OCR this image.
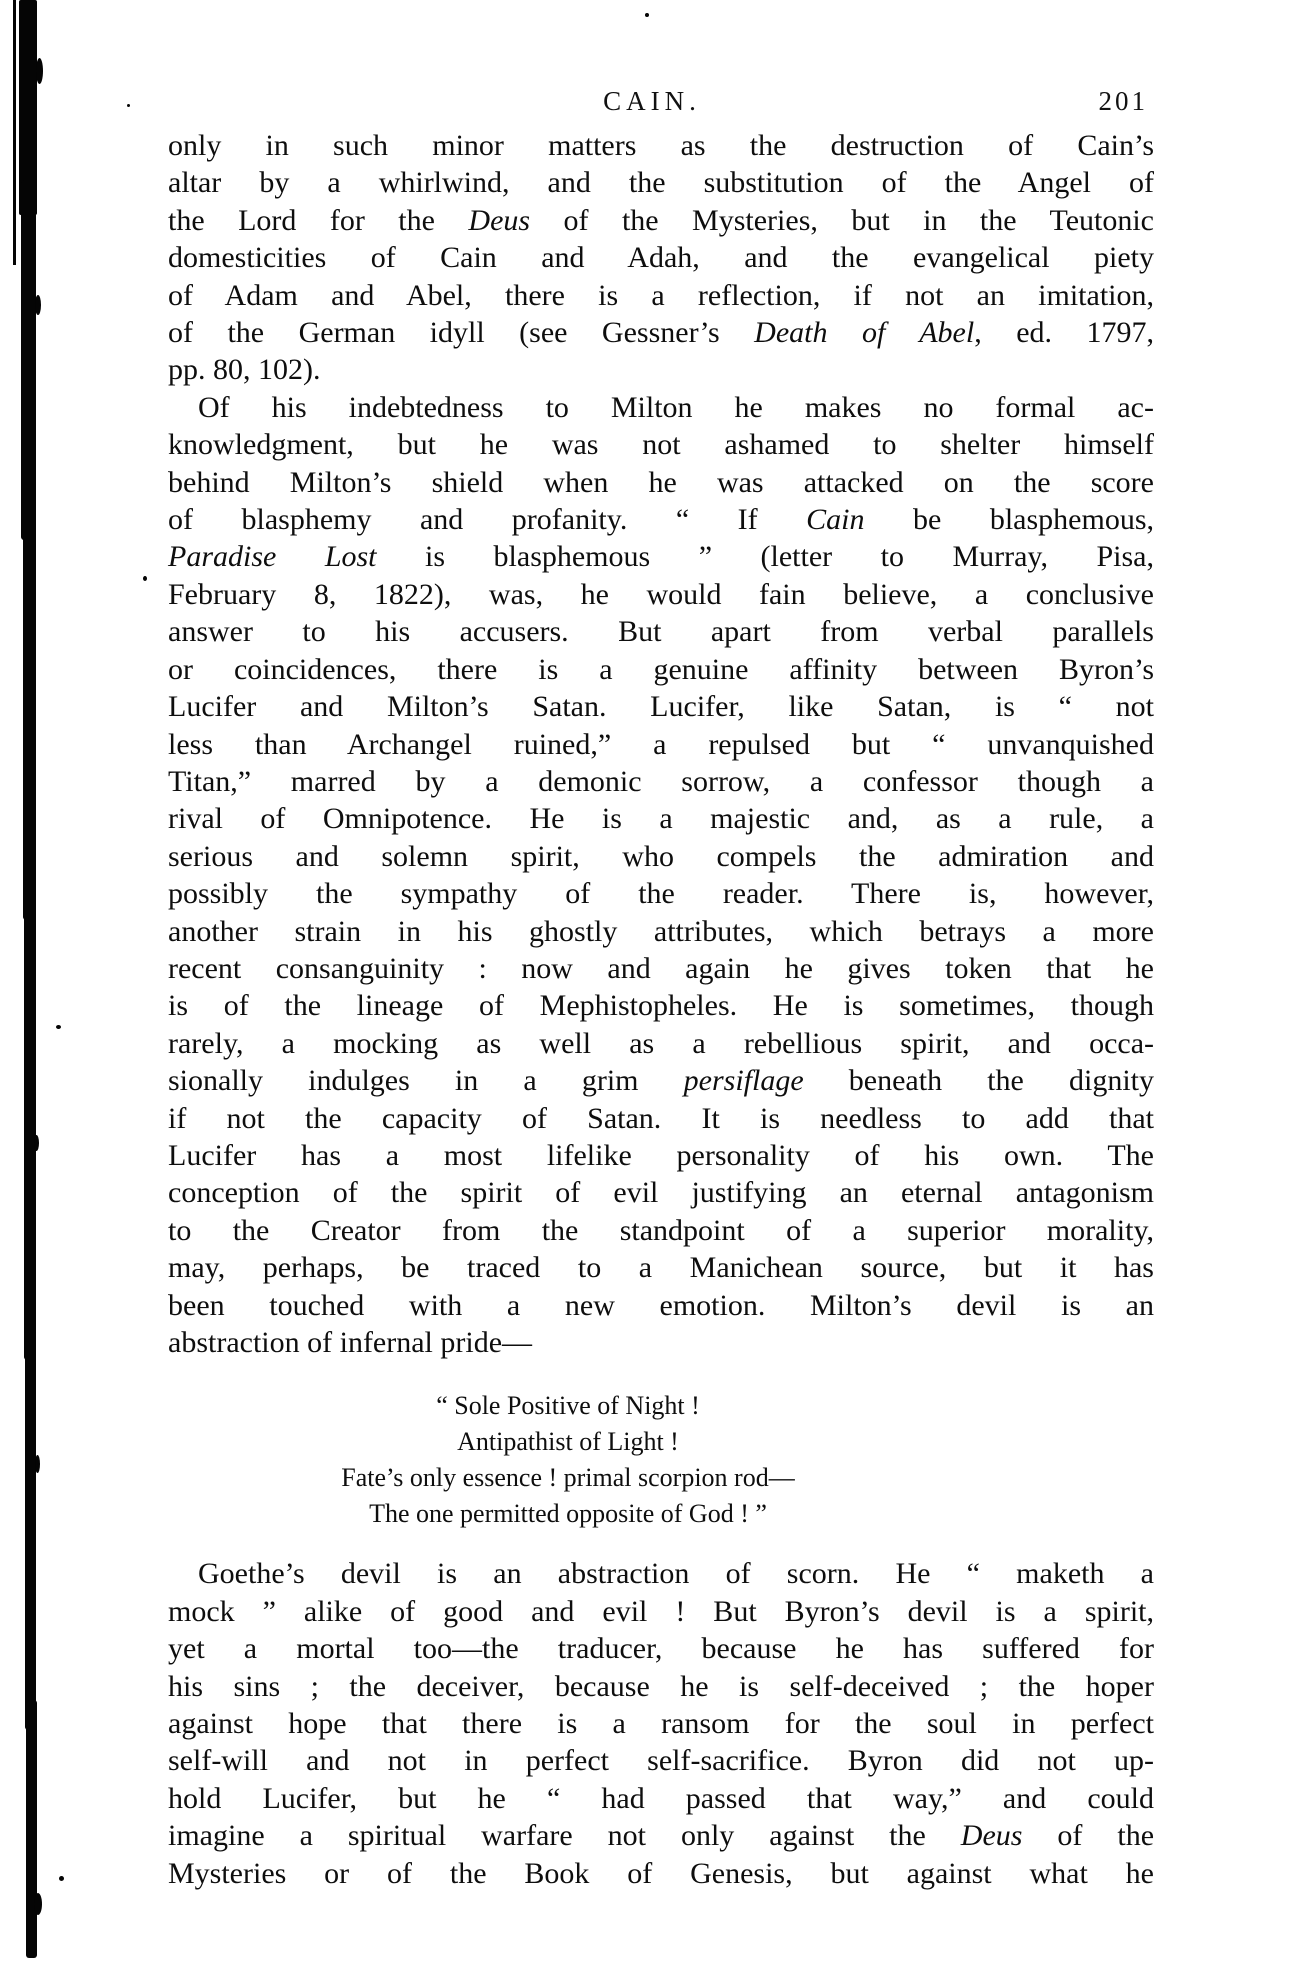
CAIN.	201
only in such minor matters as the destruction of Cain’s
altar by a whirlwind, and the substitution of the Angel of
the Lord for the Deus of the Mysteries, but in the Teutonic
domesticities of Cain and Adah, and the evangelical piety
of Adam and Abel, there is a reflection, if not an imitation,
of the German idyll (see Gessner’s Death of Abel, ed. 1797,
pp. 80, 102).
Of his indebtedness to Milton he makes no formal ac-
knowledgment, but he was not ashamed to shelter himself
behind Milton’s shield when he was attacked on the score
of blasphemy and profanity. “ If Cain be blasphemous,
Paradise Lost is blasphemous ” (letter to Murray, Pisa,
February 8, 1822), was, he would fain believe, a conclusive
answer to his accusers. But apart from verbal parallels
or coincidences, there is a genuine affinity between Byron’s
Lucifer and Milton’s Satan. Lucifer, like Satan, is “ not
less than Archangel ruined,” a repulsed but “ unvanquished
Titan,” marred by a demonic sorrow, a confessor though a
rival of Omnipotence. He is a majestic and, as a rule, a
serious and solemn spirit, who compels the admiration and
possibly the sympathy of the reader. There is, however,
another strain in his ghostly attributes, which betrays a more
recent consanguinity : now and again he gives token that he
is of the lineage of Mephistopheles. He is sometimes, though
rarely, a mocking as well as a rebellious spirit, and occa-
sionally indulges in a grim persiflage beneath the dignity
if not the capacity of Satan. It is needless to add that
Lucifer has a most lifelike personality of his own. The
conception of the spirit of evil justifying an eternal antagonism
to the Creator from the standpoint of a superior morality,
may, perhaps, be traced to a Manichean source, but it has
been touched with a new emotion. Milton’s devil is an
abstraction of infernal pride—
“ Sole Positive of Night !
Antipathist of Light !
Fate’s only essence ! primal scorpion rod—
The one permitted opposite of God ! ”
Goethe’s devil is an abstraction of scorn. He “ maketh a
mock ” alike of good and evil ! But Byron’s devil is a spirit,
yet a mortal too—the traducer, because he has suffered for
his sins ; the deceiver, because he is self-deceived ; the hoper
against hope that there is a ransom for the soul in perfect
self-will and not in perfect self-sacrifice. Byron did not up-
hold Lucifer, but he “ had passed that way,” and could
imagine a spiritual warfare not only against the Deus of the
Mysteries or of the Book of Genesis, but against what he
